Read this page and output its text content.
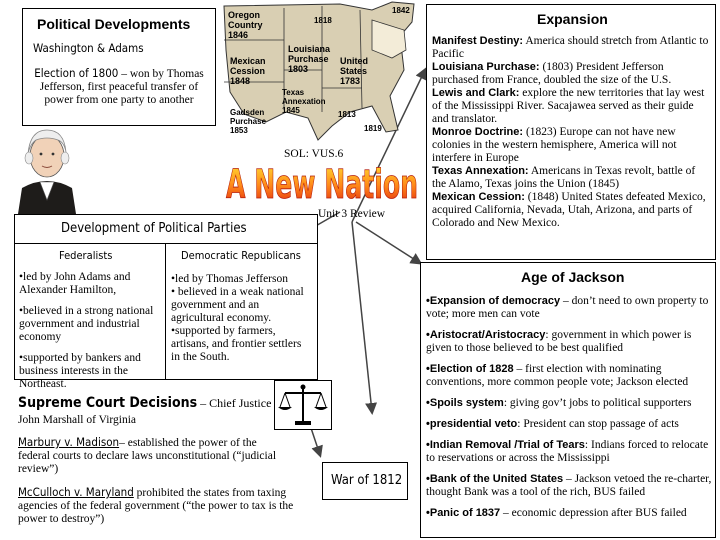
Oregon
Country
1846
Mexican
Cession
1848
Gadsden
Purchase
1853
Louisiana
Purchase
1803
Texas
Annexation
1845
United
States
1783
1818
1842
1819
1813
Political Developments
Washington & Adams
Election of 1800 – won by Thomas Jefferson, first peaceful transfer of power from one party to another
SOL: VUS.6
A New Nation
Unit 3 Review
Development of Political Parties
Federalists	Democratic Republicans
•led by John Adams and Alexander Hamilton,
•believed in a strong national government and industrial economy
•supported by bankers and business interests in the Northeast.
•led by Thomas Jefferson
• believed in a weak national government and an agricultural economy.
•supported by farmers, artisans, and frontier settlers in the South.
Supreme Court Decisions – Chief Justice
John Marshall of Virginia
Marbury v. Madison– established the power of the federal courts to declare laws unconstitutional (“judicial review”)
McCulloch v. Maryland prohibited the states from taxing agencies of the federal government (“the power to tax is the power to destroy”)
War of 1812
Expansion
Manifest Destiny: America should stretch from Atlantic to Pacific
Louisiana Purchase: (1803) President Jefferson purchased from France, doubled the size of the U.S.
Lewis and Clark: explore the new territories that lay west of the Mississippi River. Sacajawea served as their guide and translator.
Monroe Doctrine: (1823) Europe can not have new colonies in the western hemisphere, America will not interfere in Europe
Texas Annexation: Americans in Texas revolt, battle of the Alamo, Texas joins the Union (1845)
Mexican Cession: (1848) United States defeated Mexico, acquired California, Nevada, Utah, Arizona, and parts of Colorado and New Mexico.
Age of Jackson
•Expansion of democracy – don’t need to own property to vote; more men can vote
•Aristocrat/Aristocracy: government in which power is given to those believed to be best qualified
•Election of 1828 – first election with nominating conventions, more common people vote; Jackson elected
•Spoils system: giving gov’t jobs to political supporters
•presidential veto: President can stop passage of acts
•Indian Removal /Trial of Tears: Indians forced to relocate to reservations or across the Mississippi
•Bank of the United States – Jackson vetoed the re-charter, thought Bank was a tool of the rich, BUS failed
•Panic of 1837 – economic depression after BUS failed
